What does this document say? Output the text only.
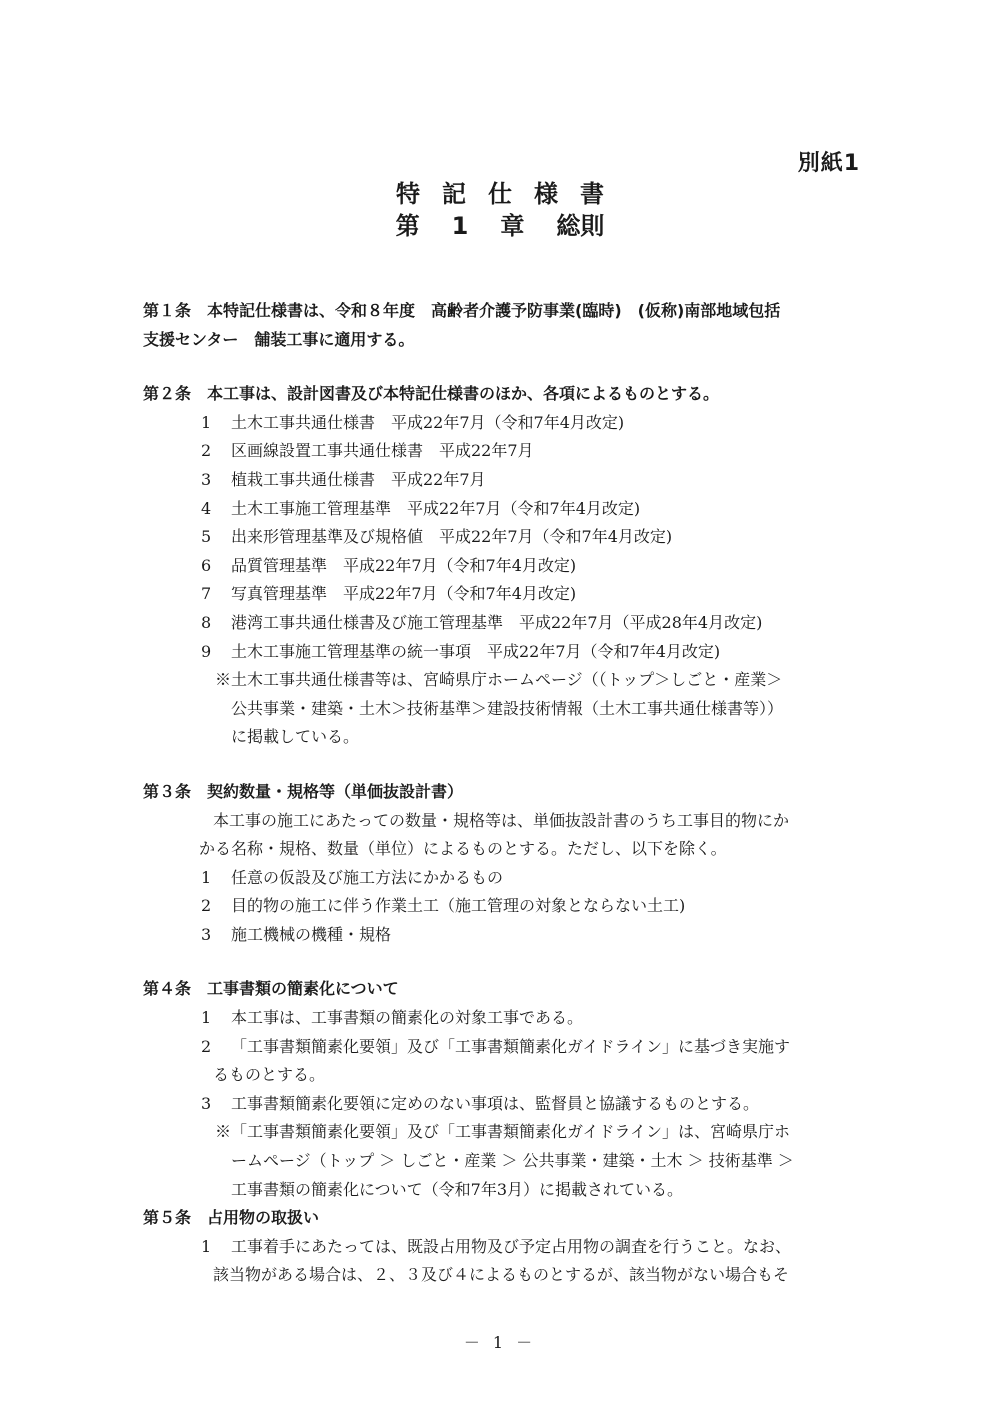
別紙1
特記仕様書
第 1 章 総則
第１条　本特記仕様書は、令和８年度　高齢者介護予防事業(臨時)　(仮称)南部地域包括
支援センター　舗装工事に適用する。
第２条　本工事は、設計図書及び本特記仕様書のほか、各項によるものとする。
1 土木工事共通仕様書　平成22年7月（令和7年4月改定)
2 区画線設置工事共通仕様書　平成22年7月
3 植栽工事共通仕様書　平成22年7月
4 土木工事施工管理基準　平成22年7月（令和7年4月改定)
5 出来形管理基準及び規格値　平成22年7月（令和7年4月改定)
6 品質管理基準　平成22年7月（令和7年4月改定)
7 写真管理基準　平成22年7月（令和7年4月改定)
8 港湾工事共通仕様書及び施工管理基準　平成22年7月（平成28年4月改定)
9 土木工事施工管理基準の統一事項　平成22年7月（令和7年4月改定)
※土木工事共通仕様書等は、宮崎県庁ホームページ（（トップ＞しごと・産業＞
公共事業・建築・土木＞技術基準＞建設技術情報（土木工事共通仕様書等））
に掲載している。
第３条　契約数量・規格等（単価抜設計書）
本工事の施工にあたっての数量・規格等は、単価抜設計書のうち工事目的物にか
かる名称・規格、数量（単位）によるものとする。ただし、以下を除く。
1 任意の仮設及び施工方法にかかるもの
2 目的物の施工に伴う作業土工（施工管理の対象とならない土工)
3 施工機械の機種・規格
第４条　工事書類の簡素化について
1 本工事は、工事書類の簡素化の対象工事である。
2 「工事書類簡素化要領」及び「工事書類簡素化ガイドライン」に基づき実施す
るものとする。
3 工事書類簡素化要領に定めのない事項は、監督員と協議するものとする。
※「工事書類簡素化要領」及び「工事書類簡素化ガイドライン」は、宮崎県庁ホ
ームページ（トップ ＞ しごと・産業 ＞ 公共事業・建築・土木 ＞ 技術基準 ＞
工事書類の簡素化について（令和7年3月）に掲載されている。
第５条　占用物の取扱い
1 工事着手にあたっては、既設占用物及び予定占用物の調査を行うこと。なお、
該当物がある場合は、２、３及び４によるものとするが、該当物がない場合もそ
－ 1 －
